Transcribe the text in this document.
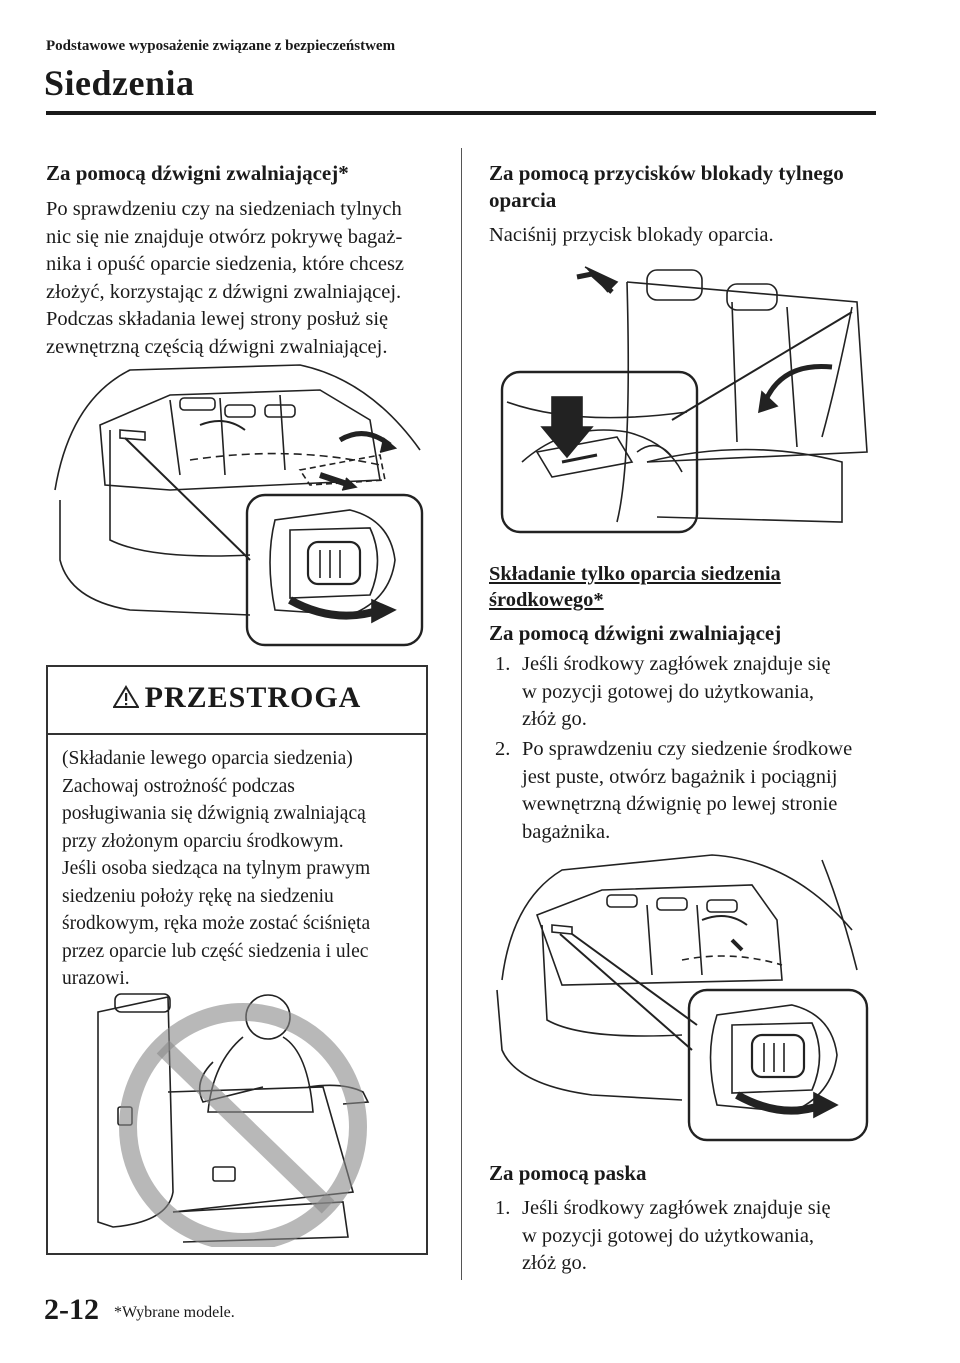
Podstawowe wyposażenie związane z bezpieczeństwem
Siedzenia
Za pomocą dźwigni zwalniającej*
Po sprawdzeniu czy na siedzeniach tylnych
nic się nie znajduje otwórz pokrywę bagaż-
nika i opuść oparcie siedzenia, które chcesz
złożyć, korzystając z dźwigni zwalniającej.
Podczas składania lewej strony posłuż się
zewnętrzną częścią dźwigni zwalniającej.
PRZESTROGA
(Składanie lewego oparcia siedzenia)
Zachowaj ostrożność podczas
posługiwania się dźwignią zwalniającą
przy złożonym oparciu środkowym.
Jeśli osoba siedząca na tylnym prawym
siedzeniu położy rękę na siedzeniu
środkowym, ręka może zostać ściśnięta
przez oparcie lub część siedzenia i ulec
urazowi.
Za pomocą przycisków blokady tylnego
oparcia
Naciśnij przycisk blokady oparcia.
Składanie tylko oparcia siedzenia
środkowego*
Za pomocą dźwigni zwalniającej
1. Jeśli środkowy zagłówek znajduje się
w pozycji gotowej do użytkowania,
złóż go.
2. Po sprawdzeniu czy siedzenie środkowe
jest puste, otwórz bagażnik i pociągnij
wewnętrzną dźwignię po lewej stronie
bagażnika.
Za pomocą paska
1. Jeśli środkowy zagłówek znajduje się
w pozycji gotowej do użytkowania,
złóż go.
2-12 *Wybrane modele.
